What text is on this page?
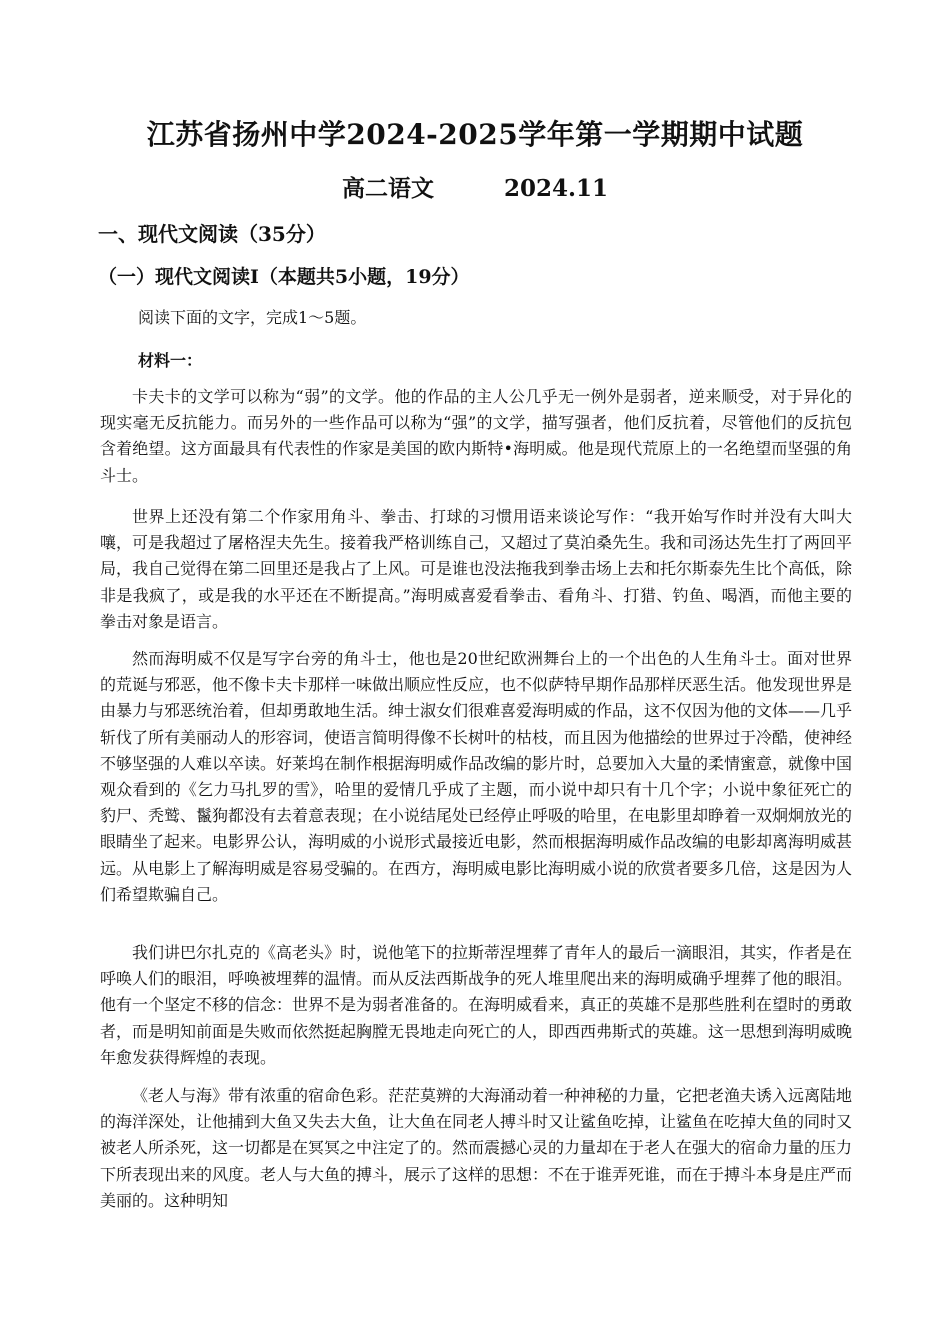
江苏省扬州中学2024-2025学年第一学期期中试题
高二语文	2024.11
一、现代文阅读（35分）
（一）现代文阅读Ⅰ（本题共5小题，19分）
阅读下面的文字，完成1～5题。
材料一：

卡夫卡的文学可以称为“弱”的文学。他的作品的主人公几乎无一例外是弱者，逆来顺受，对于异化的现实毫无反抗能力。而另外的一些作品可以称为“强”的文学，描写强者，他们反抗着，尽管他们的反抗包含着绝望。这方面最具有代表性的作家是美国的欧内斯特•海明威。他是现代荒原上的一名绝望而坚强的角斗士。

世界上还没有第二个作家用角斗、拳击、打球的习惯用语来谈论写作：“我开始写作时并没有大叫大嚷，可是我超过了屠格涅夫先生。接着我严格训练自己，又超过了莫泊桑先生。我和司汤达先生打了两回平局，我自己觉得在第二回里还是我占了上风。可是谁也没法拖我到拳击场上去和托尔斯泰先生比个高低，除非是我疯了，或是我的水平还在不断提高。”海明威喜爱看拳击、看角斗、打猎、钓鱼、喝酒，而他主要的拳击对象是语言。

然而海明威不仅是写字台旁的角斗士，他也是20世纪欧洲舞台上的一个出色的人生角斗士。面对世界的荒诞与邪恶，他不像卡夫卡那样一味做出顺应性反应，也不似萨特早期作品那样厌恶生活。他发现世界是由暴力与邪恶统治着，但却勇敢地生活。绅士淑女们很难喜爱海明威的作品，这不仅因为他的文体——几乎斩伐了所有美丽动人的形容词，使语言简明得像不长树叶的枯枝，而且因为他描绘的世界过于冷酷，使神经不够坚强的人难以卒读。好莱坞在制作根据海明威作品改编的影片时，总要加入大量的柔情蜜意，就像中国观众看到的《乞力马扎罗的雪》，哈里的爱情几乎成了主题，而小说中却只有十几个字；小说中象征死亡的豹尸、秃鹫、鬣狗都没有去着意表现；在小说结尾处已经停止呼吸的哈里，在电影里却睁着一双炯炯放光的眼睛坐了起来。电影界公认，海明威的小说形式最接近电影，然而根据海明威作品改编的电影却离海明威甚远。从电影上了解海明威是容易受骗的。在西方，海明威电影比海明威小说的欣赏者要多几倍，这是因为人们希望欺骗自己。

我们讲巴尔扎克的《高老头》时，说他笔下的拉斯蒂涅埋葬了青年人的最后一滴眼泪，其实，作者是在呼唤人们的眼泪，呼唤被埋葬的温情。而从反法西斯战争的死人堆里爬出来的海明威确乎埋葬了他的眼泪。他有一个坚定不移的信念：世界不是为弱者准备的。在海明威看来，真正的英雄不是那些胜利在望时的勇敢者，而是明知前面是失败而依然挺起胸膛无畏地走向死亡的人，即西西弗斯式的英雄。这一思想到海明威晚年愈发获得辉煌的表现。

《老人与海》带有浓重的宿命色彩。茫茫莫辨的大海涌动着一种神秘的力量，它把老渔夫诱入远离陆地的海洋深处，让他捕到大鱼又失去大鱼，让大鱼在同老人搏斗时又让鲨鱼吃掉，让鲨鱼在吃掉大鱼的同时又被老人所杀死，这一切都是在冥冥之中注定了的。然而震撼心灵的力量却在于老人在强大的宿命力量的压力下所表现出来的风度。老人与大鱼的搏斗，展示了这样的思想：不在于谁弄死谁，而在于搏斗本身是庄严而美丽的。这种明知
